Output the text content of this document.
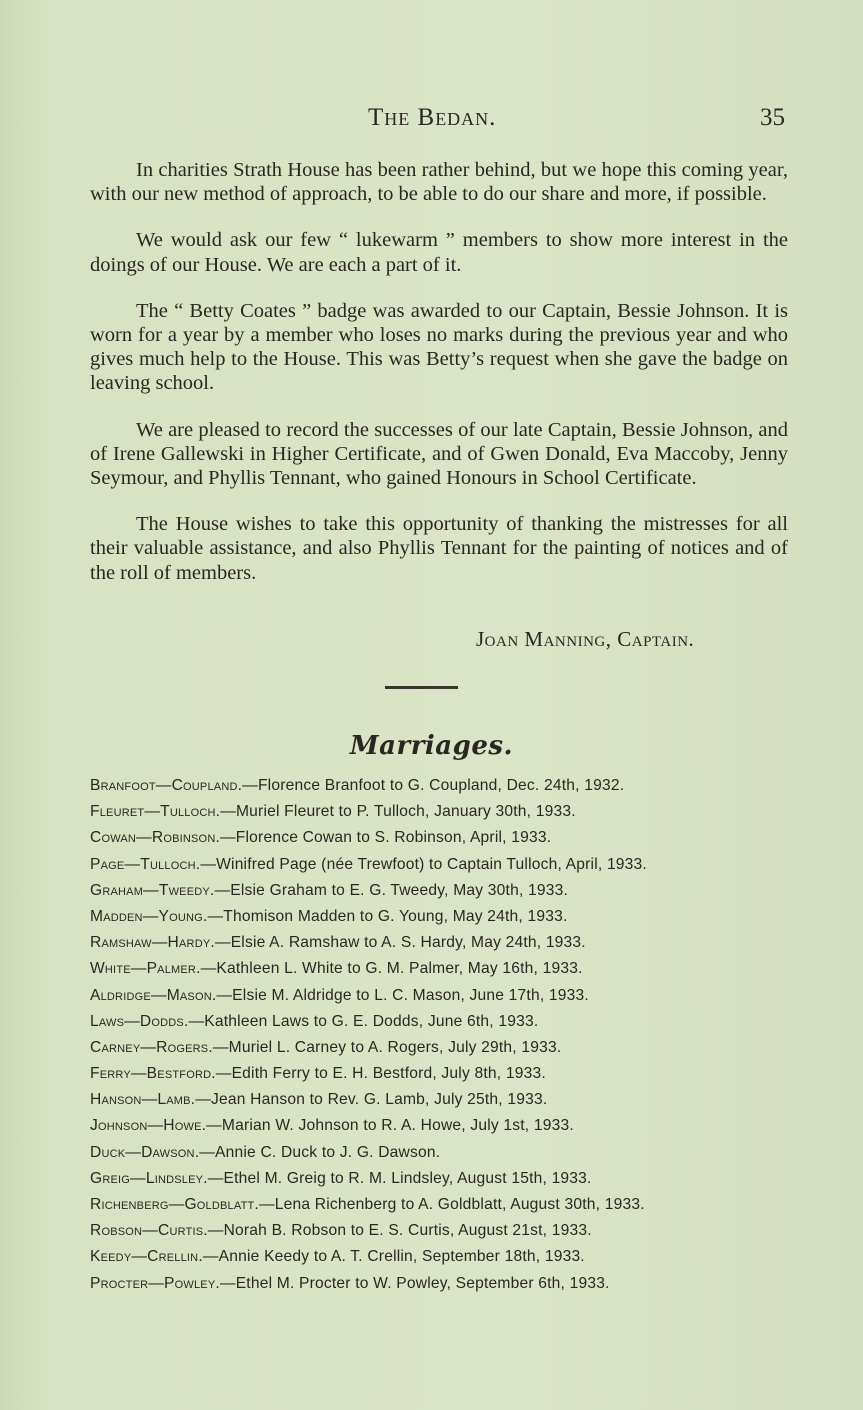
The Bedan.	35

In charities Strath House has been rather behind, but we hope this coming year, with our new method of approach, to be able to do our share and more, if possible.

We would ask our few “ lukewarm ” members to show more interest in the doings of our House. We are each a part of it.

The “ Betty Coates ” badge was awarded to our Captain, Bessie Johnson. It is worn for a year by a member who loses no marks during the previous year and who gives much help to the House. This was Betty’s request when she gave the badge on leaving school.

We are pleased to record the successes of our late Captain, Bessie Johnson, and of Irene Gallewski in Higher Certificate, and of Gwen Donald, Eva Maccoby, Jenny Seymour, and Phyllis Tennant, who gained Honours in School Certificate.

The House wishes to take this opportunity of thanking the mistresses for all their valuable assistance, and also Phyllis Tennant for the painting of notices and of the roll of members.

Joan Manning, Captain.
Marriages.
Branfoot—Coupland.—Florence Branfoot to G. Coupland, Dec. 24th, 1932.
Fleuret—Tulloch.—Muriel Fleuret to P. Tulloch, January 30th, 1933.
Cowan—Robinson.—Florence Cowan to S. Robinson, April, 1933.
Page—Tulloch.—Winifred Page (née Trewfoot) to Captain Tulloch, April, 1933.
Graham—Tweedy.—Elsie Graham to E. G. Tweedy, May 30th, 1933.
Madden—Young.—Thomison Madden to G. Young, May 24th, 1933.
Ramshaw—Hardy.—Elsie A. Ramshaw to A. S. Hardy, May 24th, 1933.
White—Palmer.—Kathleen L. White to G. M. Palmer, May 16th, 1933.
Aldridge—Mason.—Elsie M. Aldridge to L. C. Mason, June 17th, 1933.
Laws—Dodds.—Kathleen Laws to G. E. Dodds, June 6th, 1933.
Carney—Rogers.—Muriel L. Carney to A. Rogers, July 29th, 1933.
Ferry—Bestford.—Edith Ferry to E. H. Bestford, July 8th, 1933.
Hanson—Lamb.—Jean Hanson to Rev. G. Lamb, July 25th, 1933.
Johnson—Howe.—Marian W. Johnson to R. A. Howe, July 1st, 1933.
Duck—Dawson.—Annie C. Duck to J. G. Dawson.
Greig—Lindsley.—Ethel M. Greig to R. M. Lindsley, August 15th, 1933.
Richenberg—Goldblatt.—Lena Richenberg to A. Goldblatt, August 30th, 1933.
Robson—Curtis.—Norah B. Robson to E. S. Curtis, August 21st, 1933.
Keedy—Crellin.—Annie Keedy to A. T. Crellin, September 18th, 1933.
Procter—Powley.—Ethel M. Procter to W. Powley, September 6th, 1933.
